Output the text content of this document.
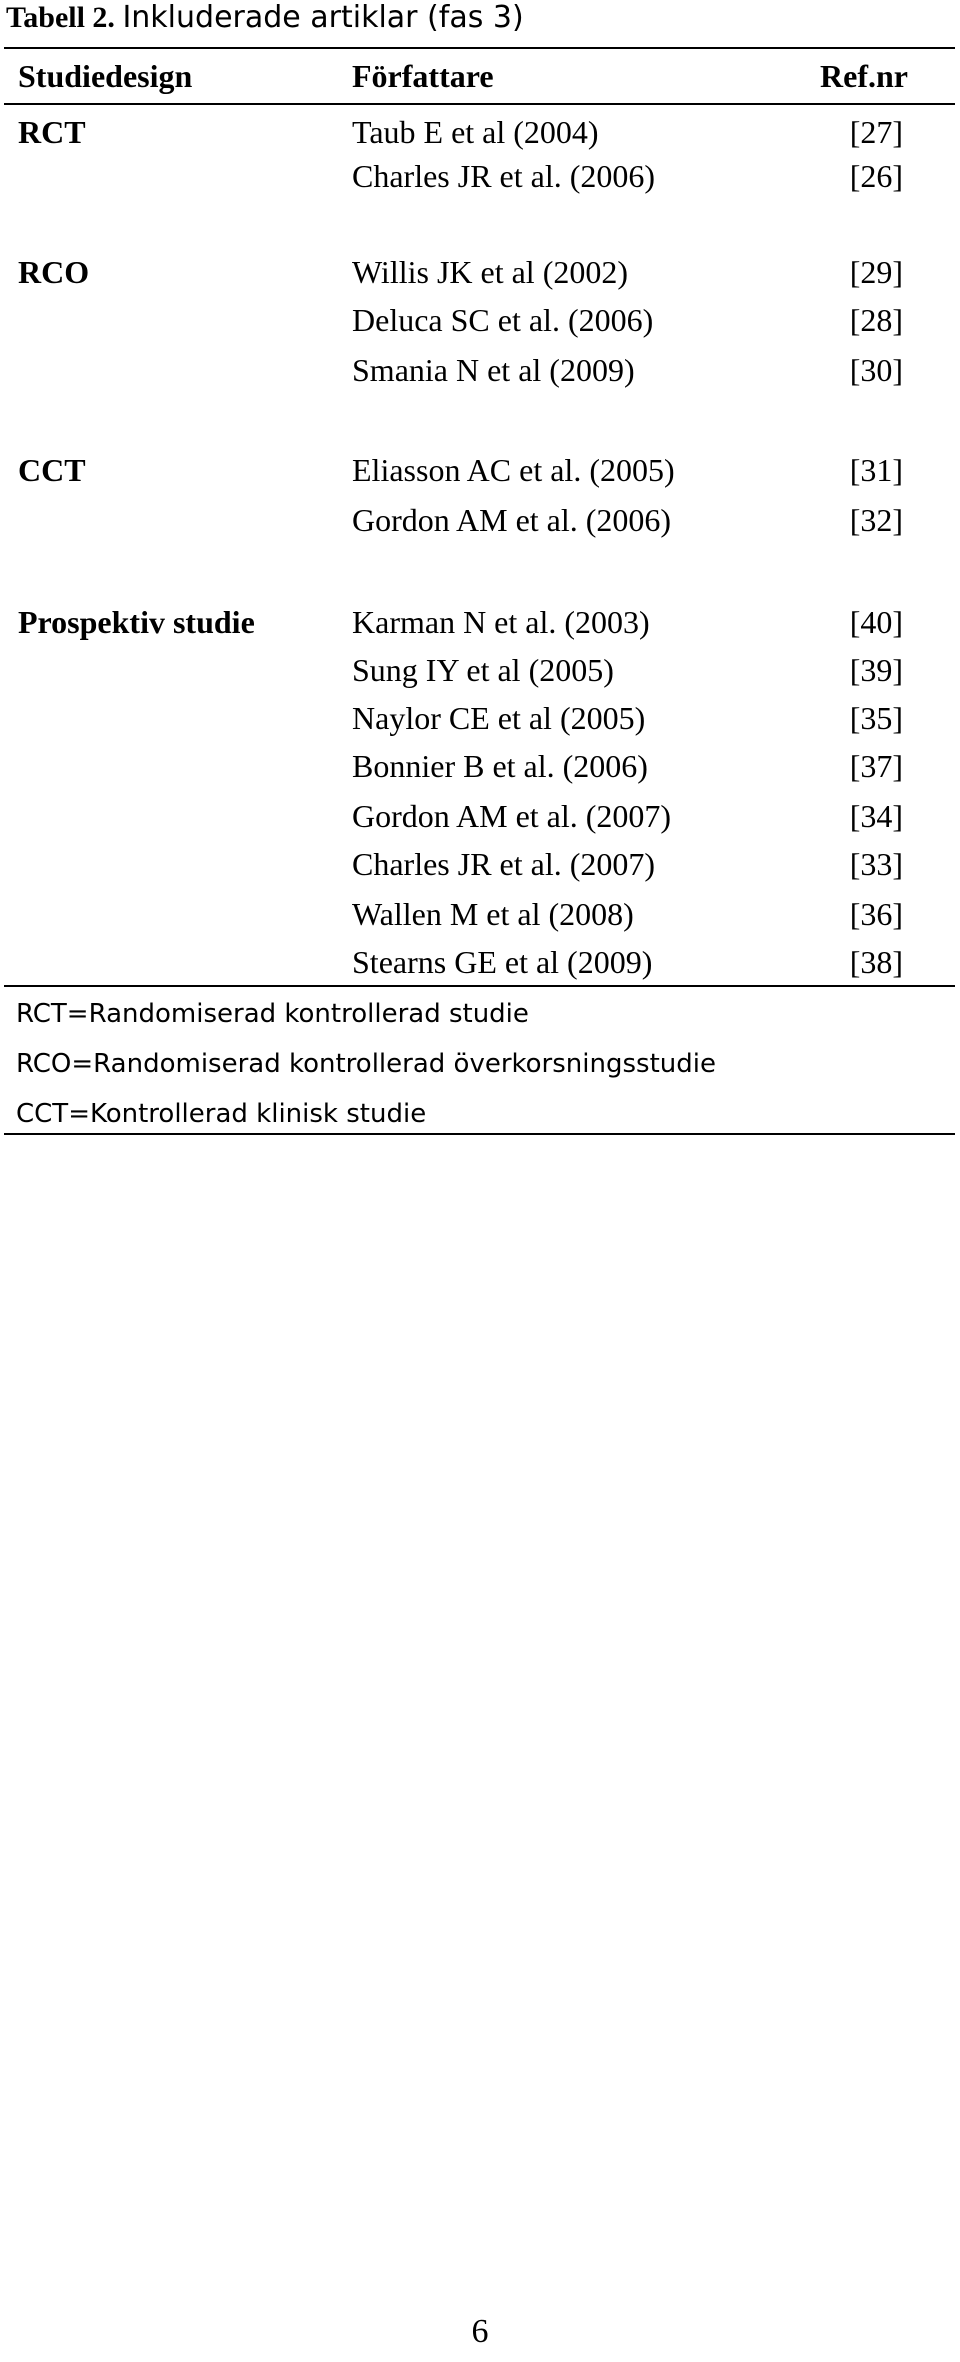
Tabell 2. Inkluderade artiklar (fas 3)
Studiedesign	Författare	Ref.nr
RCT	Taub E et al (2004)	[27]
Charles JR et al. (2006)	[26]
RCO	Willis JK et al (2002)	[29]
Deluca SC et al. (2006)	[28]
Smania N et al (2009)	[30]
CCT	Eliasson AC et al. (2005)	[31]
Gordon AM et al. (2006)	[32]
Prospektiv studie	Karman N et al. (2003)	[40]
Sung IY et al (2005)	[39]
Naylor CE et al (2005)	[35]
Bonnier B et al. (2006)	[37]
Gordon AM et al. (2007)	[34]
Charles JR et al. (2007)	[33]
Wallen M et al (2008)	[36]
Stearns GE et al (2009)	[38]
RCT=Randomiserad kontrollerad studie
RCO=Randomiserad kontrollerad överkorsningsstudie
CCT=Kontrollerad klinisk studie
6
